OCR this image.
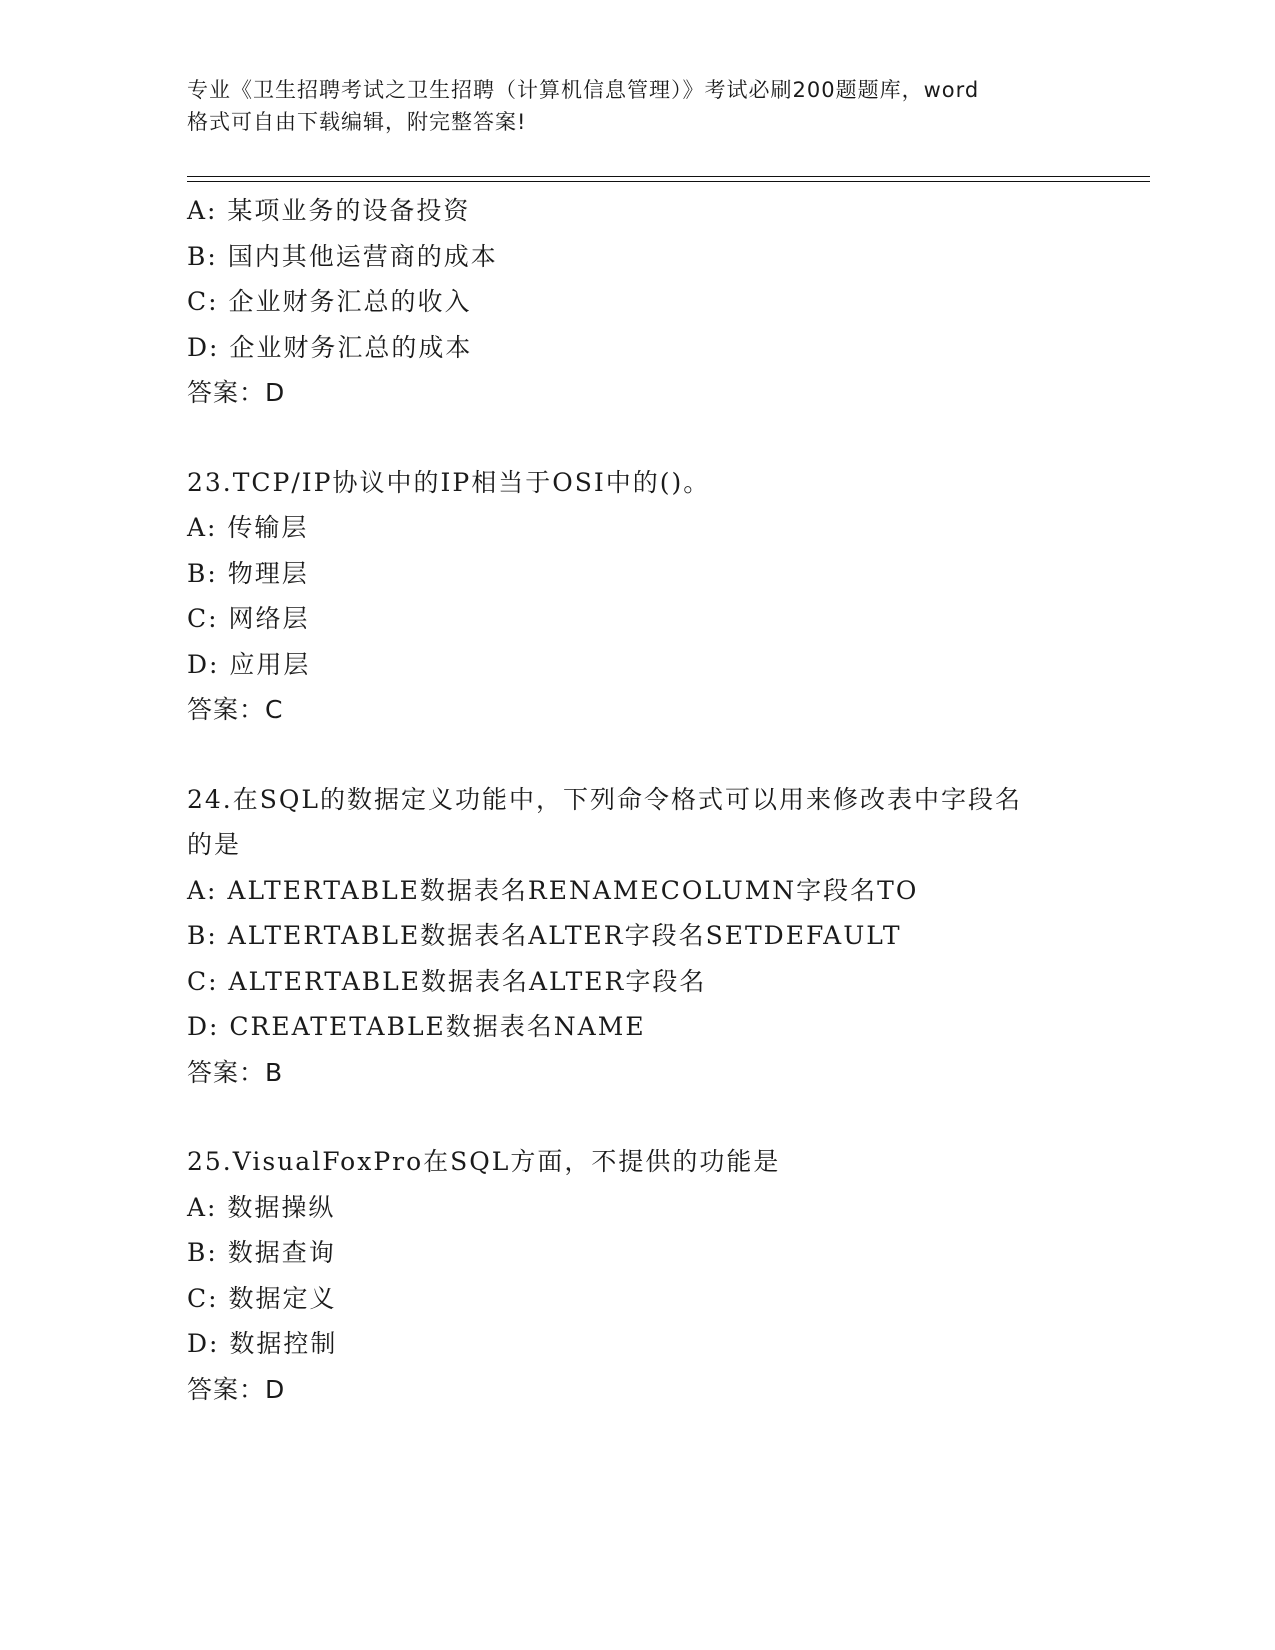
专业《卫生招聘考试之卫生招聘（计算机信息管理）》考试必刷200题题库，word
格式可自由下载编辑，附完整答案!
A: 某项业务的设备投资
B: 国内其他运营商的成本
C: 企业财务汇总的收入
D: 企业财务汇总的成本
答案：D
23.TCP/IP协议中的IP相当于OSI中的()。
A: 传输层
B: 物理层
C: 网络层
D: 应用层
答案：C
24.在SQL的数据定义功能中，下列命令格式可以用来修改表中字段名
的是
A: ALTERTABLE数据表名RENAMECOLUMN字段名TO
B: ALTERTABLE数据表名ALTER字段名SETDEFAULT
C: ALTERTABLE数据表名ALTER字段名
D: CREATETABLE数据表名NAME
答案：B
25.VisualFoxPro在SQL方面，不提供的功能是
A: 数据操纵
B: 数据查询
C: 数据定义
D: 数据控制
答案：D
